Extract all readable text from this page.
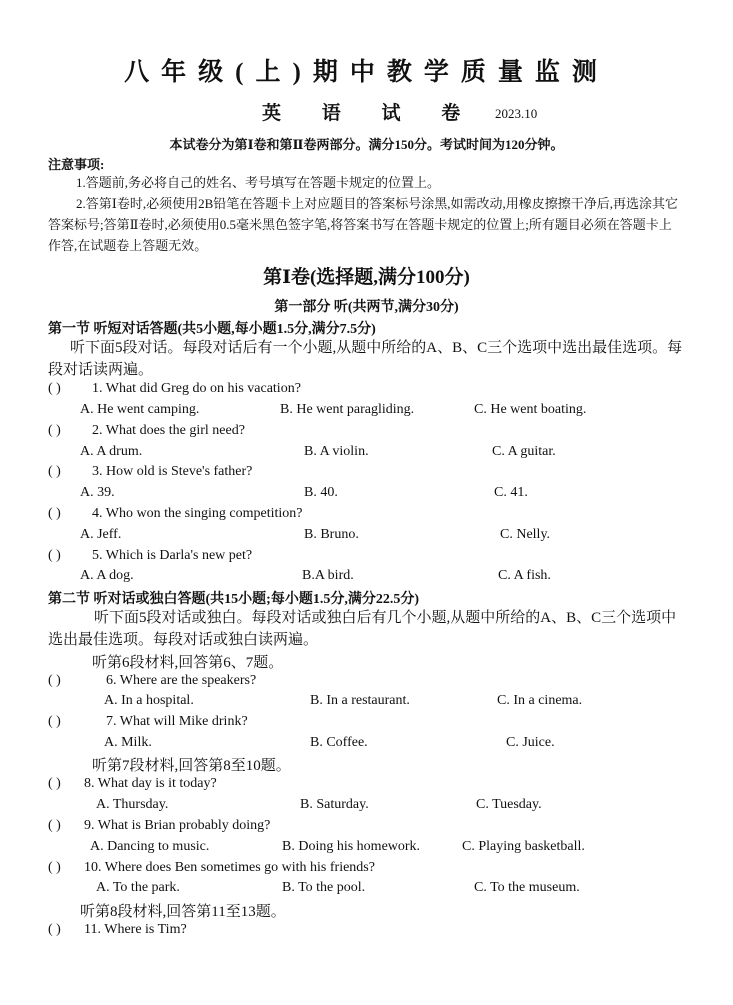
八年级(上)期中教学质量监测
英 语 试 卷 2023.10
本试卷分为第Ⅰ卷和第Ⅱ卷两部分。满分150分。考试时间为120分钟。
注意事项:
1.答题前,务必将自己的姓名、考号填写在答题卡规定的位置上。
2.答第Ⅰ卷时,必须使用2B铅笔在答题卡上对应题目的答案标号涂黑,如需改动,用橡皮擦擦干净后,再选涂其它答案标号;答第Ⅱ卷时,必须使用0.5毫米黑色签字笔,将答案书写在答题卡规定的位置上;所有题目必须在答题卡上作答,在试题卷上答题无效。
第Ⅰ卷(选择题,满分100分)
第一部分 听(共两节,满分30分)
第一节 听短对话答题(共5小题,每小题1.5分,满分7.5分)
听下面5段对话。每段对话后有一个小题,从题中所给的A、B、C三个选项中选出最佳选项。每段对话读两遍。
( ) 1. What did Greg do on his vacation?
A. He went camping.	B. He went paragliding.	C. He went boating.
( ) 2. What does the girl need?
A. A drum.	B. A violin.	C. A guitar.
( ) 3. How old is Steve's father?
A. 39.	B. 40.	C. 41.
( ) 4. Who won the singing competition?
A. Jeff.	B. Bruno.	C. Nelly.
( ) 5. Which is Darla's new pet?
A. A dog.	B.A bird.	C. A fish.
第二节 听对话或独白答题(共15小题;每小题1.5分,满分22.5分)
听下面5段对话或独白。每段对话或独白后有几个小题,从题中所给的A、B、C三个选项中选出最佳选项。每段对话或独白读两遍。
听第6段材料,回答第6、7题。
( )	6. Where are the speakers?
A. In a hospital.	B. In a restaurant.	C. In a cinema.
( )	7. What will Mike drink?
A. Milk.	B. Coffee.	C. Juice.
听第7段材料,回答第8至10题。
( ) 8. What day is it today?
A. Thursday.	B. Saturday.	C. Tuesday.
( ) 9. What is Brian probably doing?
A. Dancing to music.	B. Doing his homework.	C. Playing basketball.
( ) 10. Where does Ben sometimes go with his friends?
A. To the park.	B. To the pool.	C. To the museum.
听第8段材料,回答第11至13题。
( ) 11. Where is Tim?
